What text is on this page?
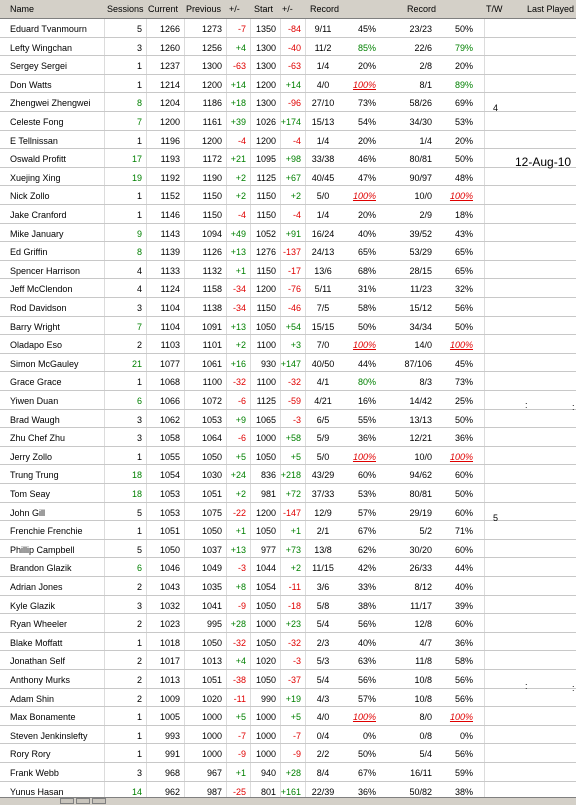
Name	Sessions Current Previous +/- Start +/- Record	Record	T/W	Last Played
Eduard Tvanmourn	5	1266	1273	-7	1350	-84	9/11	45%	23/23	50%
Lefty Wingchan	3	1260	1256	+4	1300	-40	11/2	85%	22/6	79%
Sergey Sergei	1	1237	1300	-63	1300	-63	1/4	20%	2/8	20%
Don Watts	1	1214	1200 +14	1200	+14	4/0	100%	8/1	89%
Zhengwei Zhengwei	8	1204	1186 +18	1300	-96	27/10	73%	58/26	69%
Celeste Fong	7	1200	1161 +39	1026 +174	15/13	54%	34/30	53%
E Tellnissan	1	1196	1200	-4	1200	-4	1/4	20%	1/4	20%
Oswald Profitt	17	1193	1172 +21	1095	+98	33/38	46%	80/81	50%
Xuejing Xing	19	1192	1190	+2	1125	+67	40/45	47%	90/97	48%
Nick Zollo	1	1152	1150	+2	1150	+2	5/0	100%	10/0	100%
Jake Cranford	1	1146	1150	-4	1150	-4	1/4	20%	2/9	18%
Mike January	9	1143	1094 +49	1052	+91	16/24	40%	39/52	43%
Ed Griffin	8	1139	1126 +13	1276 -137	24/13	65%	53/29	65%
Spencer Harrison	4	1133	1132	+1	1150	-17	13/6	68%	28/15	65%
Jeff McClendon	4	1124	1158	-34	1200	-76	5/11	31%	11/23	32%
Rod Davidson	3	1104	1138	-34	1150	-46	7/5	58%	15/12	56%
Barry Wright	7	1104	1091 +13	1050	+54	15/15	50%	34/34	50%
Oladapo Eso	2	1103	1101	+2	1100	+3	7/0	100%	14/0	100%
Simon McGauley	21	1077	1061 +16	930 +147	40/50	44%	87/106	45%
Grace Grace	1	1068	1100	-32	1100	-32	4/1	80%	8/3	73%
Yiwen Duan	6	1066	1072	-6	1125	-59	4/21	16%	14/42	25%
Brad Waugh	3	1062	1053	+9	1065	-3	6/5	55%	13/13	50%
Zhu Chef Zhu	3	1058	1064	-6	1000	+58	5/9	36%	12/21	36%
Jerry Zollo	1	1055	1050	+5	1050	+5	5/0	100%	10/0	100%
Trung Trung	18	1054	1030 +24	836 +218	43/29	60%	94/62	60%
Tom Seay	18	1053	1051	+2	981	+72	37/33	53%	80/81	50%
John Gill	5	1053	1075	-22	1200 -147	12/9	57%	29/19	60%
Frenchie Frenchie	1	1051	1050	+1	1050	+1	2/1	67%	5/2	71%
Phillip Campbell	5	1050	1037 +13	977	+73	13/8	62%	30/20	60%
Brandon Glazik	6	1046	1049	-3	1044	+2	11/15	42%	26/33	44%
Adrian Jones	2	1043	1035	+8	1054	-11	3/6	33%	8/12	40%
Kyle Glazik	3	1032	1041	-9	1050	-18	5/8	38%	11/17	39%
Ryan Wheeler	2	1023	995 +28	1000	+23	5/4	56%	12/8	60%
Blake Moffatt	1	1018	1050	-32	1050	-32	2/3	40%	4/7	36%
Jonathan Self	2	1017	1013	+4	1020	-3	5/3	63%	11/8	58%
Anthony Murks	2	1013	1051	-38	1050	-37	5/4	56%	10/8	56%
Adam Shin	2	1009	1020	-11	990	+19	4/3	57%	10/8	56%
Max Bonamente	1	1005	1000	+5	1000	+5	4/0	100%	8/0	100%
Steven Jenkinslefty	1	993	1000	-7	1000	-7	0/4	0%	0/8	0%
Rory Rory	1	991	1000	-9	1000	-9	2/2	50%	5/4	56%
Frank Webb	3	968	967	+1	940	+28	8/4	67%	16/11	59%
Yunus Hasan	14	962	987	-25	801 +161	22/39	36%	50/82	38%
12-Aug-10
4
5
:	:
:	:
